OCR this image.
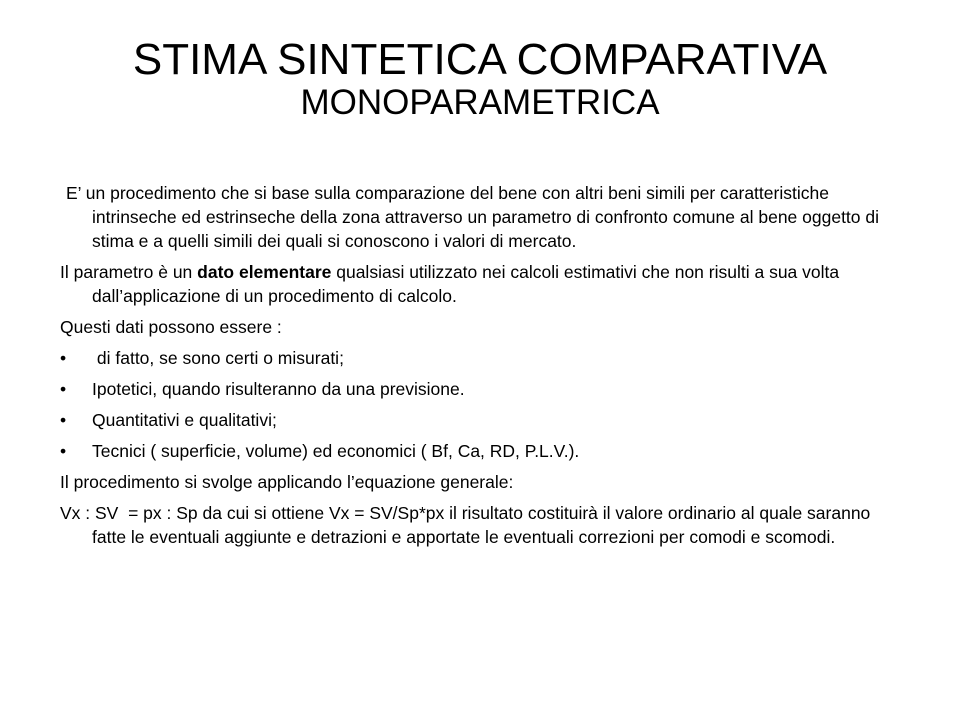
STIMA SINTETICA COMPARATIVA
MONOPARAMETRICA

E’ un procedimento che si base sulla comparazione del bene con altri beni simili per caratteristiche intrinseche ed estrinseche della zona attraverso un parametro di confronto comune al bene oggetto di stima e a quelli simili dei quali si conoscono i valori di mercato.

Il parametro è un dato elementare qualsiasi utilizzato nei calcoli estimativi che non risulti a sua volta dall’applicazione di un procedimento di calcolo.

Questi dati possono essere :

•	di fatto, se sono certi o misurati;
•	Ipotetici, quando risulteranno da una previsione.
•	Quantitativi e qualitativi;
•	Tecnici ( superficie, volume) ed economici ( Bf, Ca, RD, P.L.V.).

Il procedimento si svolge applicando l’equazione generale:

Vx : SV  = px : Sp da cui si ottiene Vx = SV/Sp*px il risultato costituirà il valore ordinario al quale saranno fatte le eventuali aggiunte e detrazioni e apportate le eventuali correzioni per comodi e scomodi.
